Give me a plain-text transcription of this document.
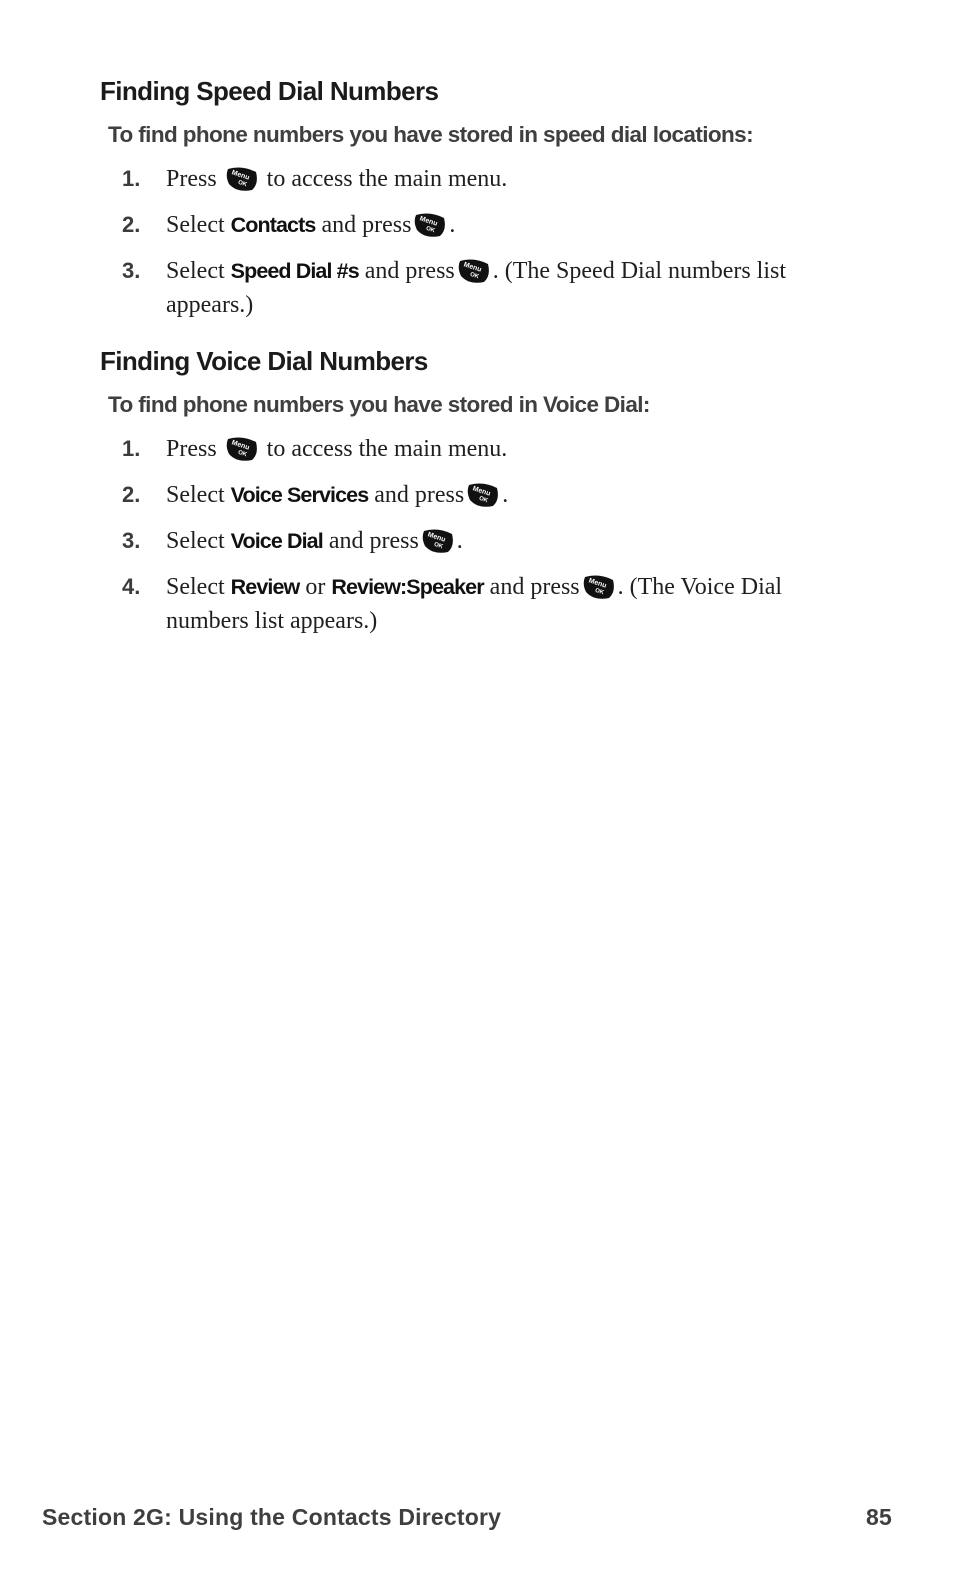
Finding Speed Dial Numbers

To find phone numbers you have stored in speed dial locations:

1. Press Menu
OK to access the main menu.
2. Select Contacts and press Menu
OK .
3. Select Speed Dial #s and press Menu
OK . (The Speed Dial numbers list appears.)
Finding Voice Dial Numbers

To find phone numbers you have stored in Voice Dial:

1. Press Menu
OK to access the main menu.
2. Select Voice Services and press Menu
OK .
3. Select Voice Dial and press Menu
OK .
4. Select Review or Review:Speaker and press Menu
OK . (The Voice Dial numbers list appears.)
Section 2G: Using the Contacts Directory	85
